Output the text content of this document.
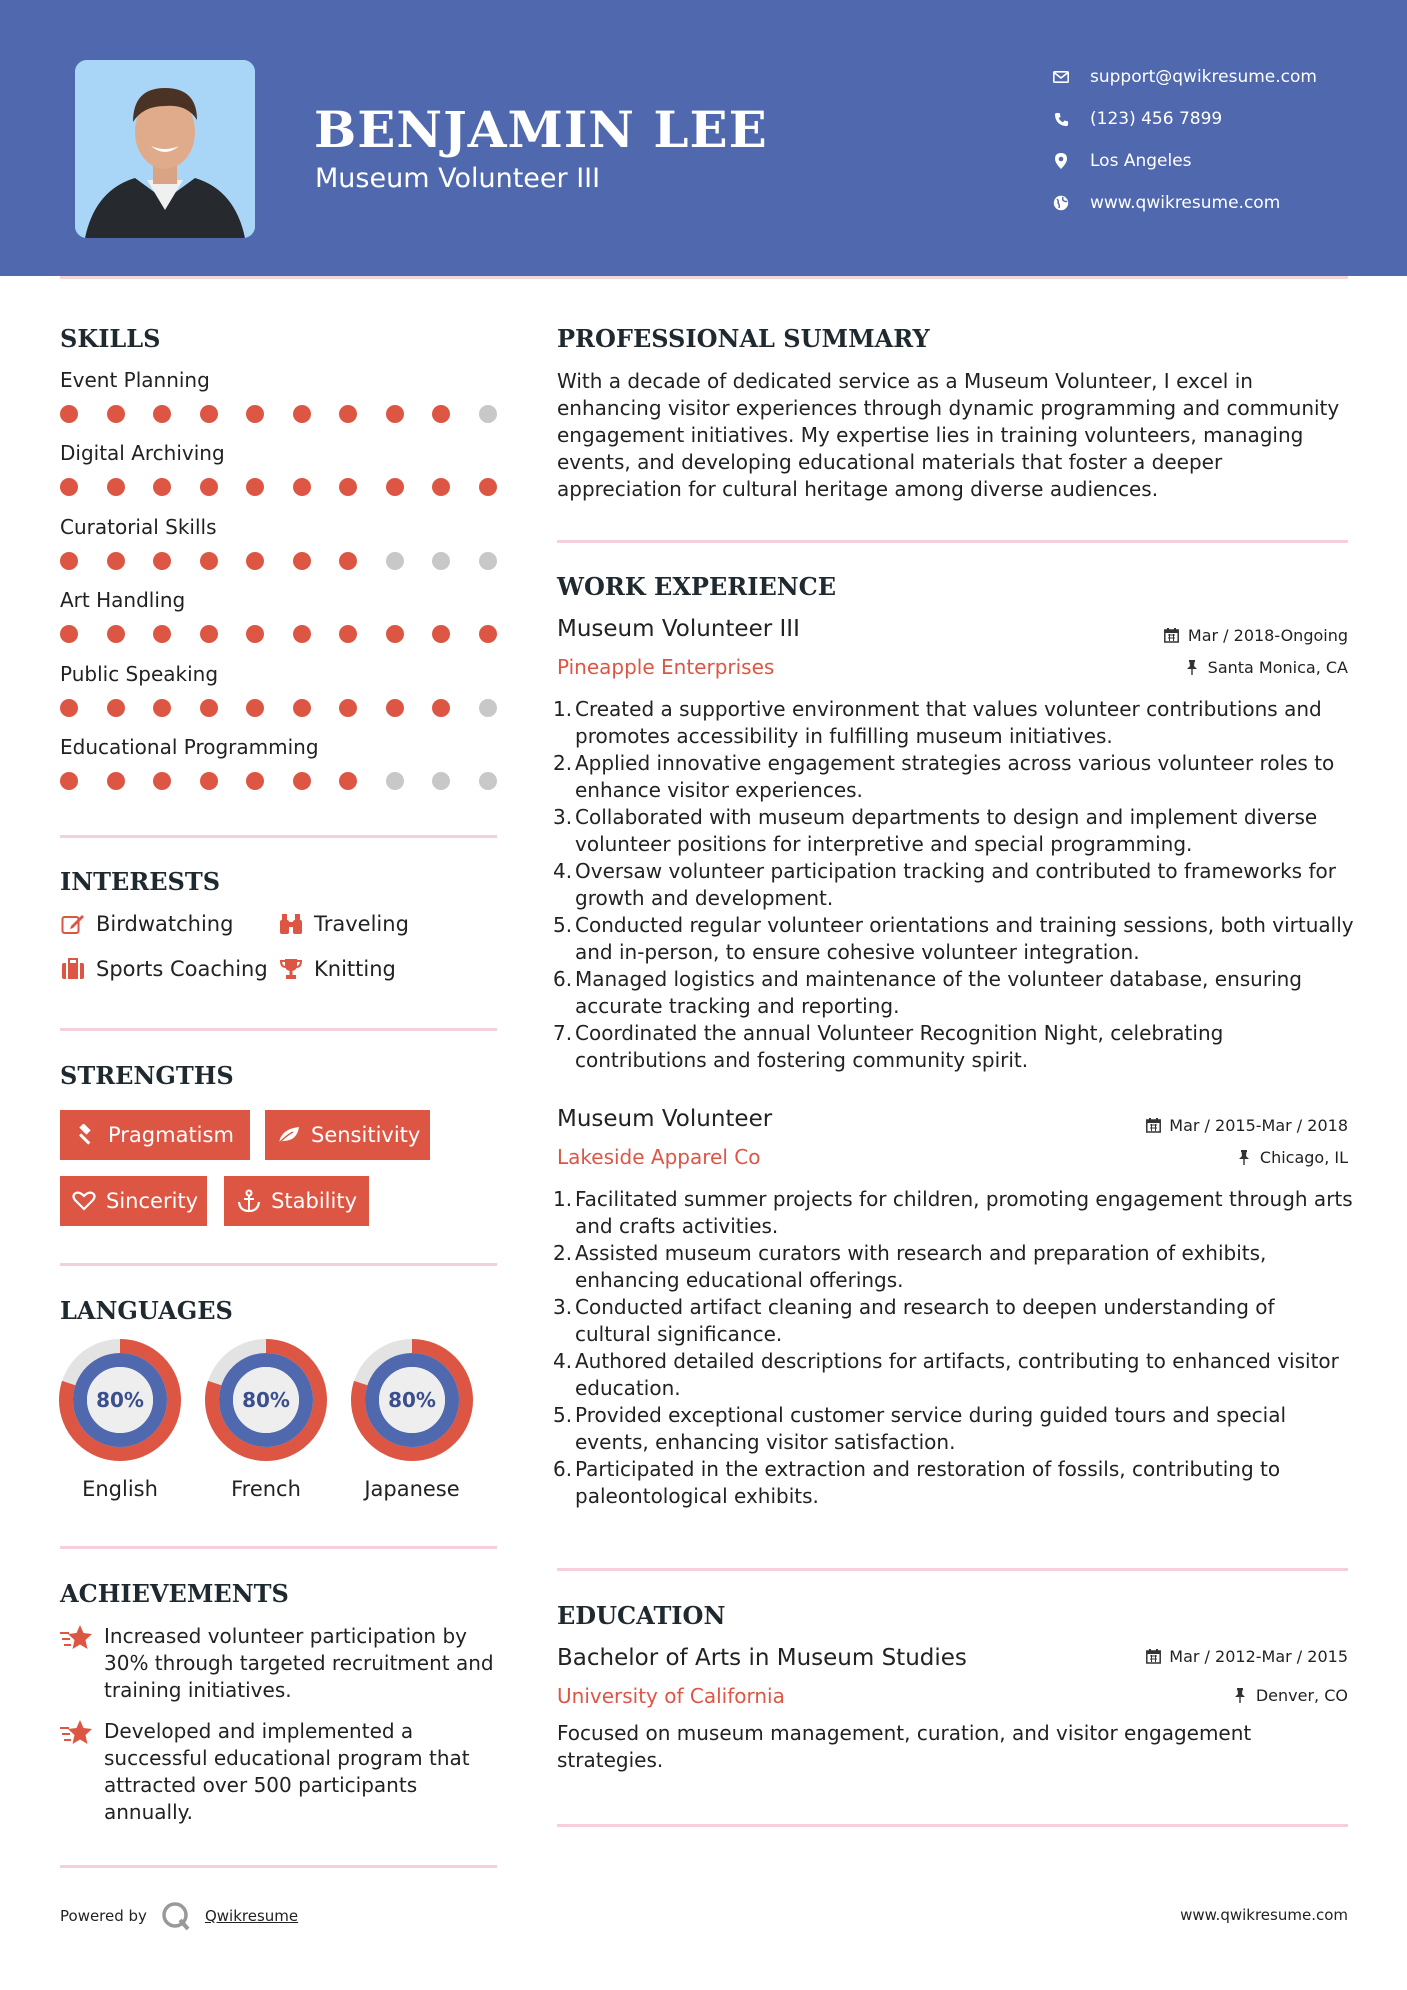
BENJAMIN LEE
Museum Volunteer III
support@qwikresume.com
(123) 456 7899
Los Angeles
www.qwikresume.com
SKILLS
Event Planning
Digital Archiving
Curatorial Skills
Art Handling
Public Speaking
Educational Programming
INTERESTS
Birdwatching	Traveling
Sports Coaching Knitting
STRENGTHS
Pragmatism	Sensitivity
Sincerity	Stability
LANGUAGES
80%
English
80%
French
80%
Japanese
ACHIEVEMENTS
Increased volunteer participation by 30% through targeted recruitment and training initiatives.
Developed and implemented a successful educational program that attracted over 500 participants annually.
PROFESSIONAL SUMMARY
With a decade of dedicated service as a Museum Volunteer, I excel in enhancing visitor experiences through dynamic programming and community engagement initiatives. My expertise lies in training volunteers, managing events, and developing educational materials that foster a deeper appreciation for cultural heritage among diverse audiences.
WORK EXPERIENCE
Museum Volunteer III	Mar / 2018-Ongoing
Pineapple Enterprises	Santa Monica, CA
1. Created a supportive environment that values volunteer contributions and promotes accessibility in fulfilling museum initiatives.
2. Applied innovative engagement strategies across various volunteer roles to enhance visitor experiences.
3. Collaborated with museum departments to design and implement diverse volunteer positions for interpretive and special programming.
4. Oversaw volunteer participation tracking and contributed to frameworks for growth and development.
5. Conducted regular volunteer orientations and training sessions, both virtually and in-person, to ensure cohesive volunteer integration.
6. Managed logistics and maintenance of the volunteer database, ensuring accurate tracking and reporting.
7. Coordinated the annual Volunteer Recognition Night, celebrating contributions and fostering community spirit.
Museum Volunteer	Mar / 2015-Mar / 2018
Lakeside Apparel Co	Chicago, IL
1. Facilitated summer projects for children, promoting engagement through arts and crafts activities.
2. Assisted museum curators with research and preparation of exhibits, enhancing educational offerings.
3. Conducted artifact cleaning and research to deepen understanding of cultural significance.
4. Authored detailed descriptions for artifacts, contributing to enhanced visitor education.
5. Provided exceptional customer service during guided tours and special events, enhancing visitor satisfaction.
6. Participated in the extraction and restoration of fossils, contributing to paleontological exhibits.
EDUCATION
Bachelor of Arts in Museum Studies	Mar / 2012-Mar / 2015
University of California	Denver, CO
Focused on museum management, curation, and visitor engagement strategies.
Powered by	Qwikresume	www.qwikresume.com
